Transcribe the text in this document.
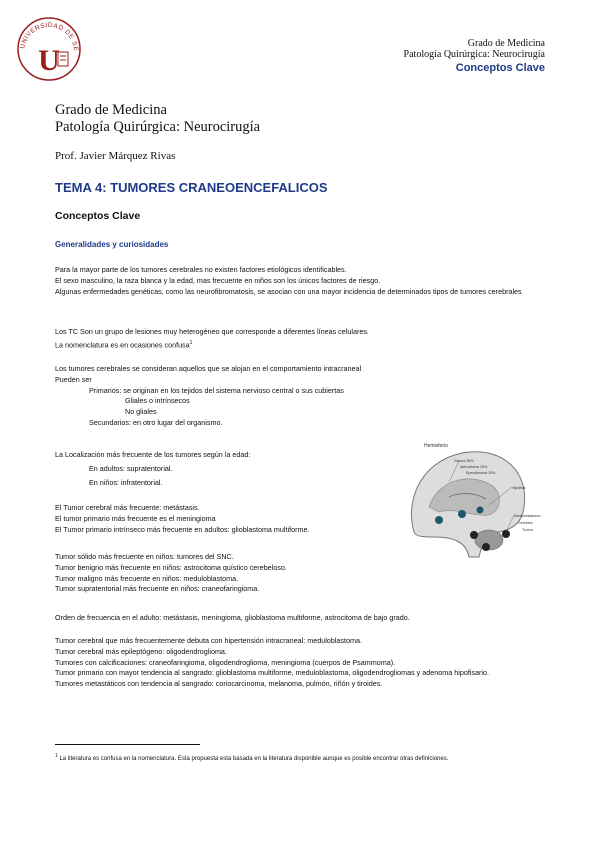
UNIVERSIDAD DE SE
U
Grado de Medicina
Patología Quirúrgica: Neurocirugía
Conceptos Clave
Grado de Medicina
Patología Quirúrgica: Neurocirugía
Prof. Javier Márquez Rivas
TEMA 4: TUMORES CRANEOENCEFALICOS
Conceptos Clave
Generalidades y curiosidades

Para la mayor parte de los tumores cerebrales no existen factores etiológicos identificables.

El sexo masculino, la raza blanca y la edad, mas frecuente en niños son los únicos factores de riesgo.

Algunas enfermedades genéticas, como las neurofibromatosis, se asocian con una mayor incidencia de determinados tipos de tumores cerebrales

Los TC Son un grupo de lesiones muy heterogéneo que corresponde a diferentes líneas celulares.

La nomenclatura es en ocasiones confusa$^1$

Los tumores cerebrales se consideran aquellos que se alojan en el comportamiento intracraneal

Pueden ser

Primarios: se originan en los tejidos del sistema nervioso central o sus cubiertas

Gliales o intrínsecos

No gliales

Secundarios: en otro lugar del organismo.

La Localización más frecuente de los tumores según la edad:

En adultos: supratentorial.

En niños: infratentorial.

El Tumor cerebral más frecuente: metástasis.

El tumor primario más frecuente es el meningioma

El Tumor primario intrínseco más frecuente en adultos: glioblastoma multiforme.

Tumor sólido más frecuente en niños: tumores del SNC.

Tumor benigno más frecuente en niños: astrocitoma quístico cerebeloso.

Tumor maligno más frecuente en niños: meduloblastoma.

Tumor supratentorial más frecuente en niños: craneofaringioma.

Orden de frecuencia en el adulto: metástasis, meningioma, glioblastoma multiforme, astrocitoma de bajo grado.

Tumor cerebral que más frecuentemente debuta con hipertensión intracraneal: meduloblastoma.

Tumor cerebral más epileptógeno: oligodendroglioma.

Tumores con calcificaciones: craneofaringioma, oligodendroglioma, meningioma (cuerpos de Psammoma).

Tumor primario con mayor tendencia al sangrado: glioblastoma multiforme, meduloblastoma, oligodendrogliomas y adenoma hipofisario.

Tumores metastáticos con tendencia al sangrado: coriocarcinoma, melanoma, pulmón, riñón y tiroides.

Hemisferio
Glioma 35%
Astrocitoma 25%
Ependimoma 15%
Hipófisis
Meduloblastoma
Cerebelo
Tronco
$^1$ La literatura es confusa en la nomenclatura. Esta propuesta esta basada en la literatura disponible aunque es posible encontrar otras definiciones.
